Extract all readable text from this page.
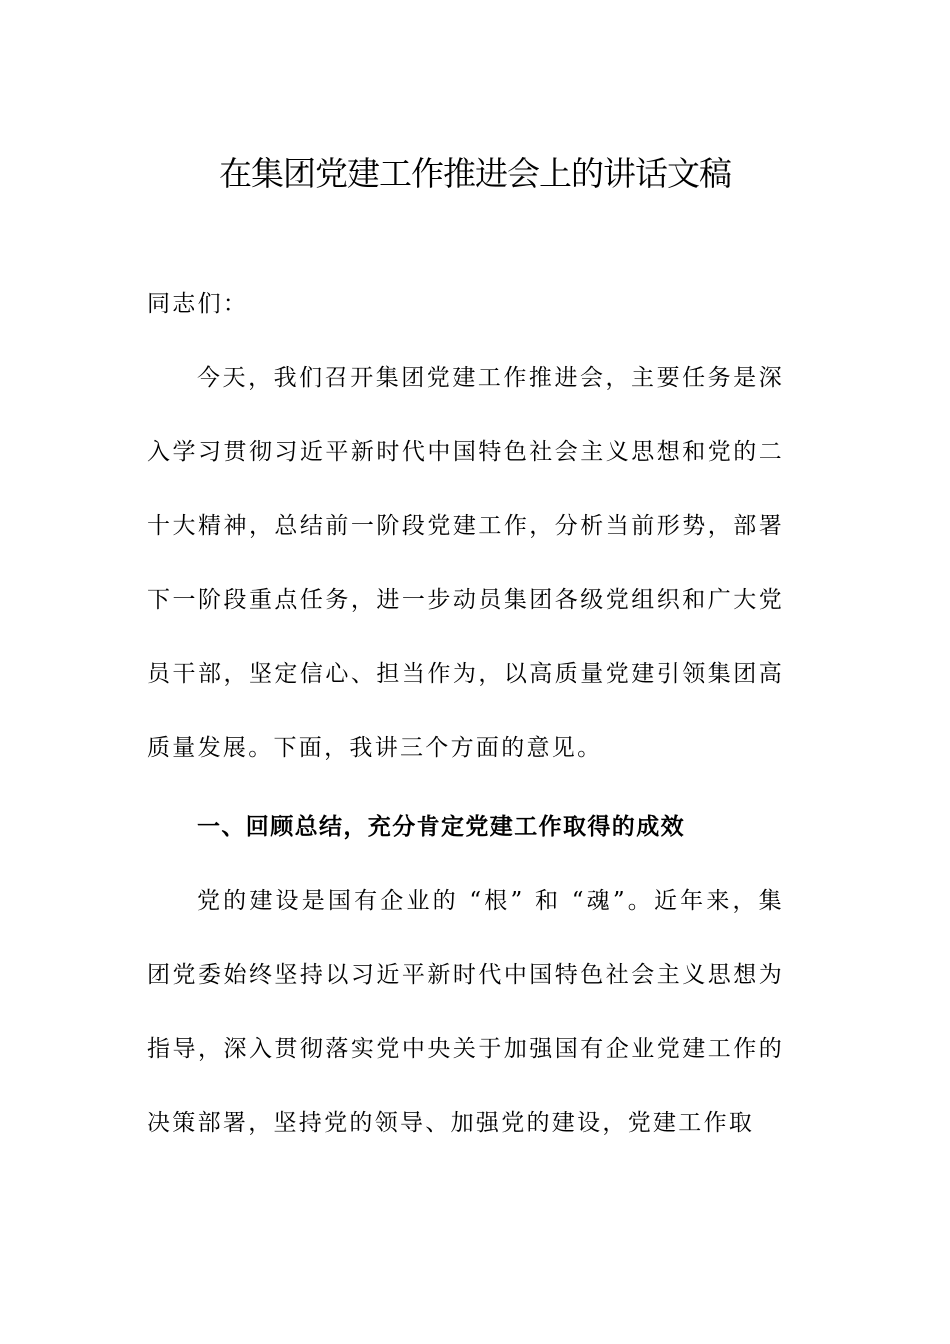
在集团党建工作推进会上的讲话文稿

同志们：

今天，我们召开集团党建工作推进会，主要任务是深入学习贯彻习近平新时代中国特色社会主义思想和党的二十大精神，总结前一阶段党建工作，分析当前形势，部署下一阶段重点任务，进一步动员集团各级党组织和广大党员干部，坚定信心、担当作为，以高质量党建引领集团高质量发展。下面，我讲三个方面的意见。

一、回顾总结，充分肯定党建工作取得的成效

党的建设是国有企业的 “根” 和 “魂”。近年来，集团党委始终坚持以习近平新时代中国特色社会主义思想为指导，深入贯彻落实党中央关于加强国有企业党建工作的决策部署，坚持党的领导、加强党的建设，党建工作取
